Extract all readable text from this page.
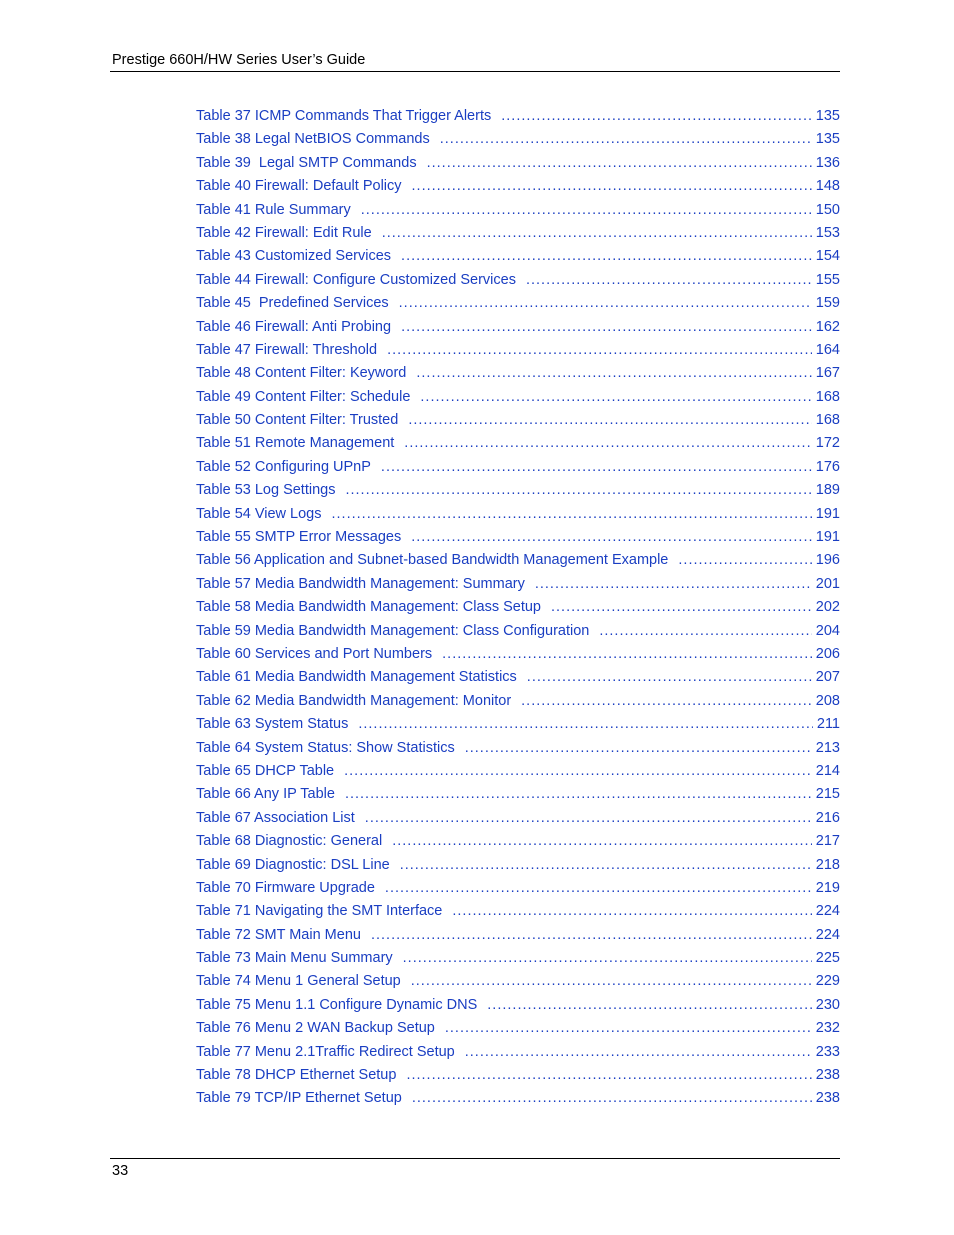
Prestige 660H/HW Series User’s Guide
Table 37 ICMP Commands That Trigger Alerts .....	135
Table 38 Legal NetBIOS Commands .....	135
Table 39  Legal SMTP Commands .....	136
Table 40 Firewall: Default Policy .....	148
Table 41 Rule Summary .....	150
Table 42 Firewall: Edit Rule .....	153
Table 43 Customized Services .....	154
Table 44 Firewall: Configure Customized Services .....	155
Table 45  Predefined Services .....	159
Table 46 Firewall: Anti Probing .....	162
Table 47 Firewall: Threshold .....	164
Table 48 Content Filter: Keyword .....	167
Table 49 Content Filter: Schedule .....	168
Table 50 Content Filter: Trusted .....	168
Table 51 Remote Management .....	172
Table 52 Configuring UPnP .....	176
Table 53 Log Settings .....	189
Table 54 View Logs .....	191
Table 55 SMTP Error Messages .....	191
Table 56 Application and Subnet-based Bandwidth Management Example .....	196
Table 57 Media Bandwidth Management: Summary .....	201
Table 58 Media Bandwidth Management: Class Setup .....	202
Table 59 Media Bandwidth Management: Class Configuration .....	204
Table 60 Services and Port Numbers .....	206
Table 61 Media Bandwidth Management Statistics .....	207
Table 62 Media Bandwidth Management: Monitor .....	208
Table 63 System Status .....	211
Table 64 System Status: Show Statistics .....	213
Table 65 DHCP Table .....	214
Table 66 Any IP Table .....	215
Table 67 Association List .....	216
Table 68 Diagnostic: General .....	217
Table 69 Diagnostic: DSL Line .....	218
Table 70 Firmware Upgrade .....	219
Table 71 Navigating the SMT Interface .....	224
Table 72 SMT Main Menu .....	224
Table 73 Main Menu Summary .....	225
Table 74 Menu 1 General Setup .....	229
Table 75 Menu 1.1 Configure Dynamic DNS .....	230
Table 76 Menu 2 WAN Backup Setup .....	232
Table 77 Menu 2.1Traffic Redirect Setup .....	233
Table 78 DHCP Ethernet Setup .....	238
Table 79 TCP/IP Ethernet Setup .....	238
33
